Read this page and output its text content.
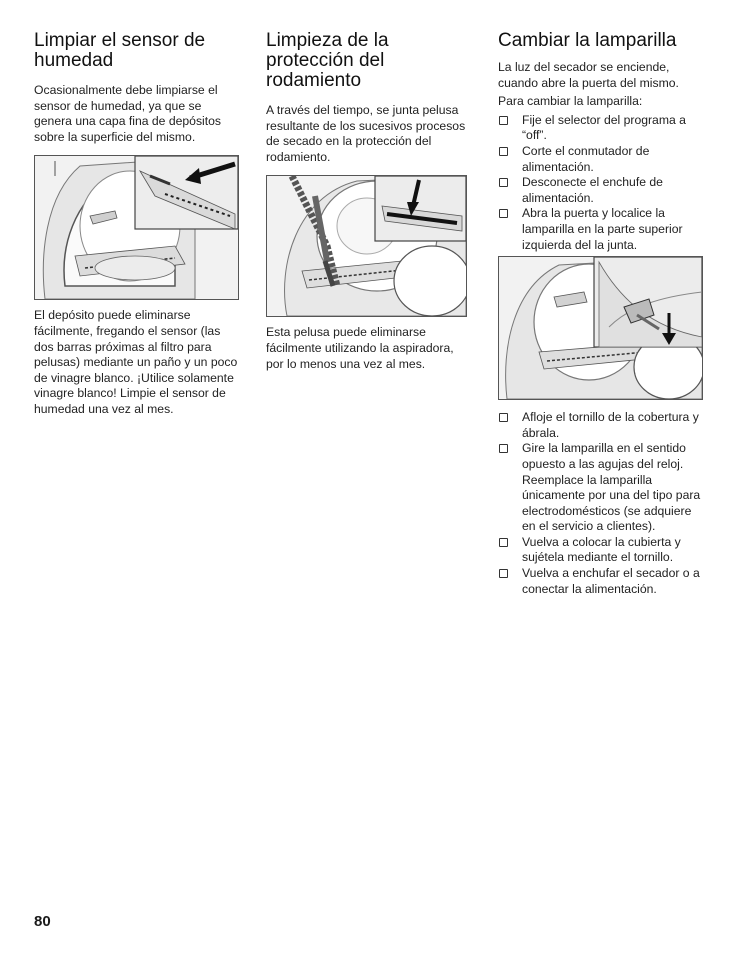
Limpiar el sensor de humedad

Ocasionalmente debe limpiarse el sensor de humedad, ya que se genera una capa fina de depósitos sobre la superficie del mismo.

El depósito puede eliminarse fácilmente, fregando el sensor (las dos barras próximas al filtro para pelusas) mediante un paño y un poco de vinagre blanco. ¡Utilice solamente vinagre blanco! Limpie el sensor de humedad una vez al mes.

Limpieza de la protección del rodamiento

A través del tiempo, se junta pelusa resultante de los sucesivos procesos de secado en la protección del rodamiento.

Esta pelusa puede eliminarse fácilmente utilizando la aspiradora, por lo menos una vez al mes.

Cambiar la lamparilla

La luz del secador se enciende, cuando abre la puerta del mismo.

Para cambiar la lamparilla:

Fije el selector del programa a “off”.
Corte el conmutador de alimentación.
Desconecte el enchufe de alimentación.
Abra la puerta y localice la lamparilla en la parte superior izquierda del la junta.
Afloje el tornillo de la cobertura y ábrala.
Gire la lamparilla en el sentido opuesto a las agujas del reloj. Reemplace la lamparilla únicamente por una del tipo para electrodomésticos (se adquiere en el servicio a clientes).
Vuelva a colocar la cubierta y sujétela mediante el tornillo.
Vuelva a enchufar el secador o a conectar la alimentación.
80
